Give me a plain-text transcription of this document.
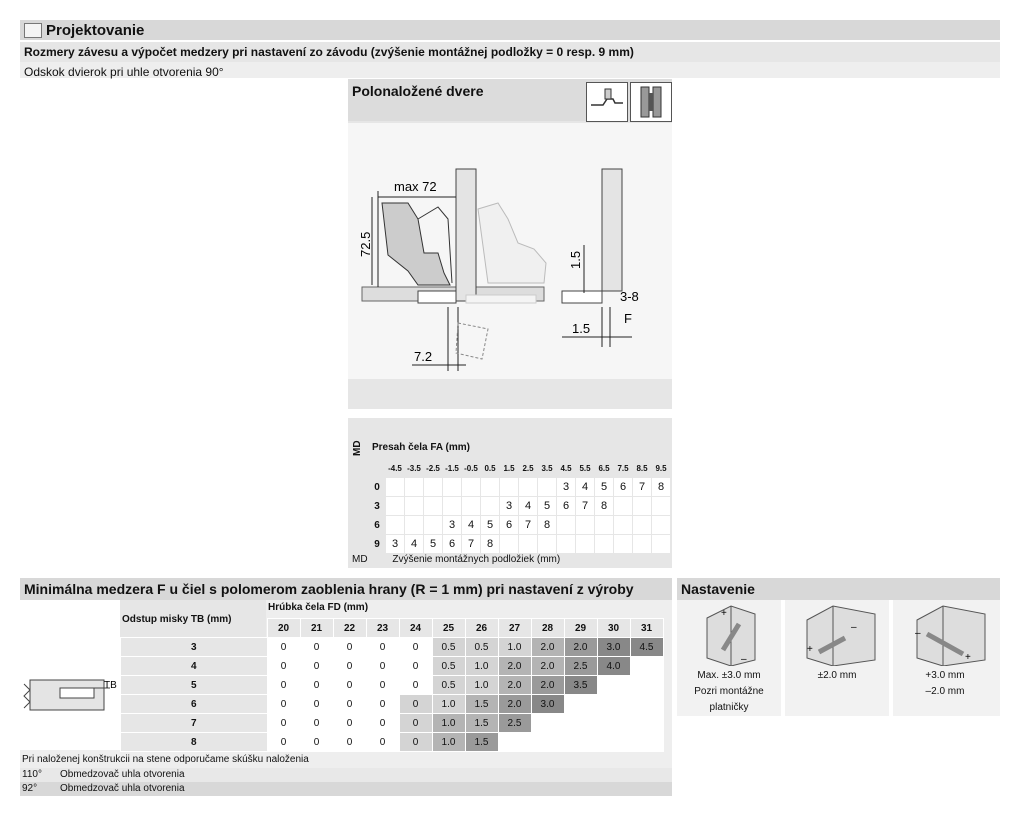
Projektovanie
Rozmery závesu a výpočet medzery pri nastavení zo závodu (zvýšenie montážnej podložky = 0 resp. 9 mm)
Odskok dvierok pri uhle otvorenia 90°
Polonaložené dvere
max 72
72.5
7.2
1.5
3-8
1.5
F
Presah čela FA (mm)
MD
	-4.5	-3.5	-2.5	-1.5	-0.5	0.5	1.5	2.5	3.5	4.5	5.5	6.5	7.5	8.5	9.5
0										3	4	5	6	7	8
3							3	4	5	6	7	8			
6				3	4	5	6	7	8						
9	3	4	5	6	7	8									
MD Zvýšenie montážnych podložiek (mm)
Minimálna medzera F u čiel s polomerom zaoblenia hrany (R = 1 mm) pri nastavení z výroby
TB
Odstup misky TB (mm)
Hrúbka čela FD (mm)
	20	21	22	23	24	25	26	27	28	29	30	31
3	0	0	0	0	0	0.5	0.5	1.0	2.0	2.0	3.0	4.5
4	0	0	0	0	0	0.5	1.0	2.0	2.0	2.5	4.0	
5	0	0	0	0	0	0.5	1.0	2.0	2.0	3.5		
6	0	0	0	0	0	1.0	1.5	2.0	3.0			
7	0	0	0	0	0	1.0	1.5	2.5				
8	0	0	0	0	0	1.0	1.5					
Pri naloženej konštrukcii na stene odporučame skúšku naloženia
110° Obmedzovač uhla otvorenia
92° Obmedzovač uhla otvorenia
Nastavenie
+
–
Max. ±3.0 mm
Pozri montážne
platničky
+
–
±2.0 mm
–
+
+3.0 mm
–2.0 mm
